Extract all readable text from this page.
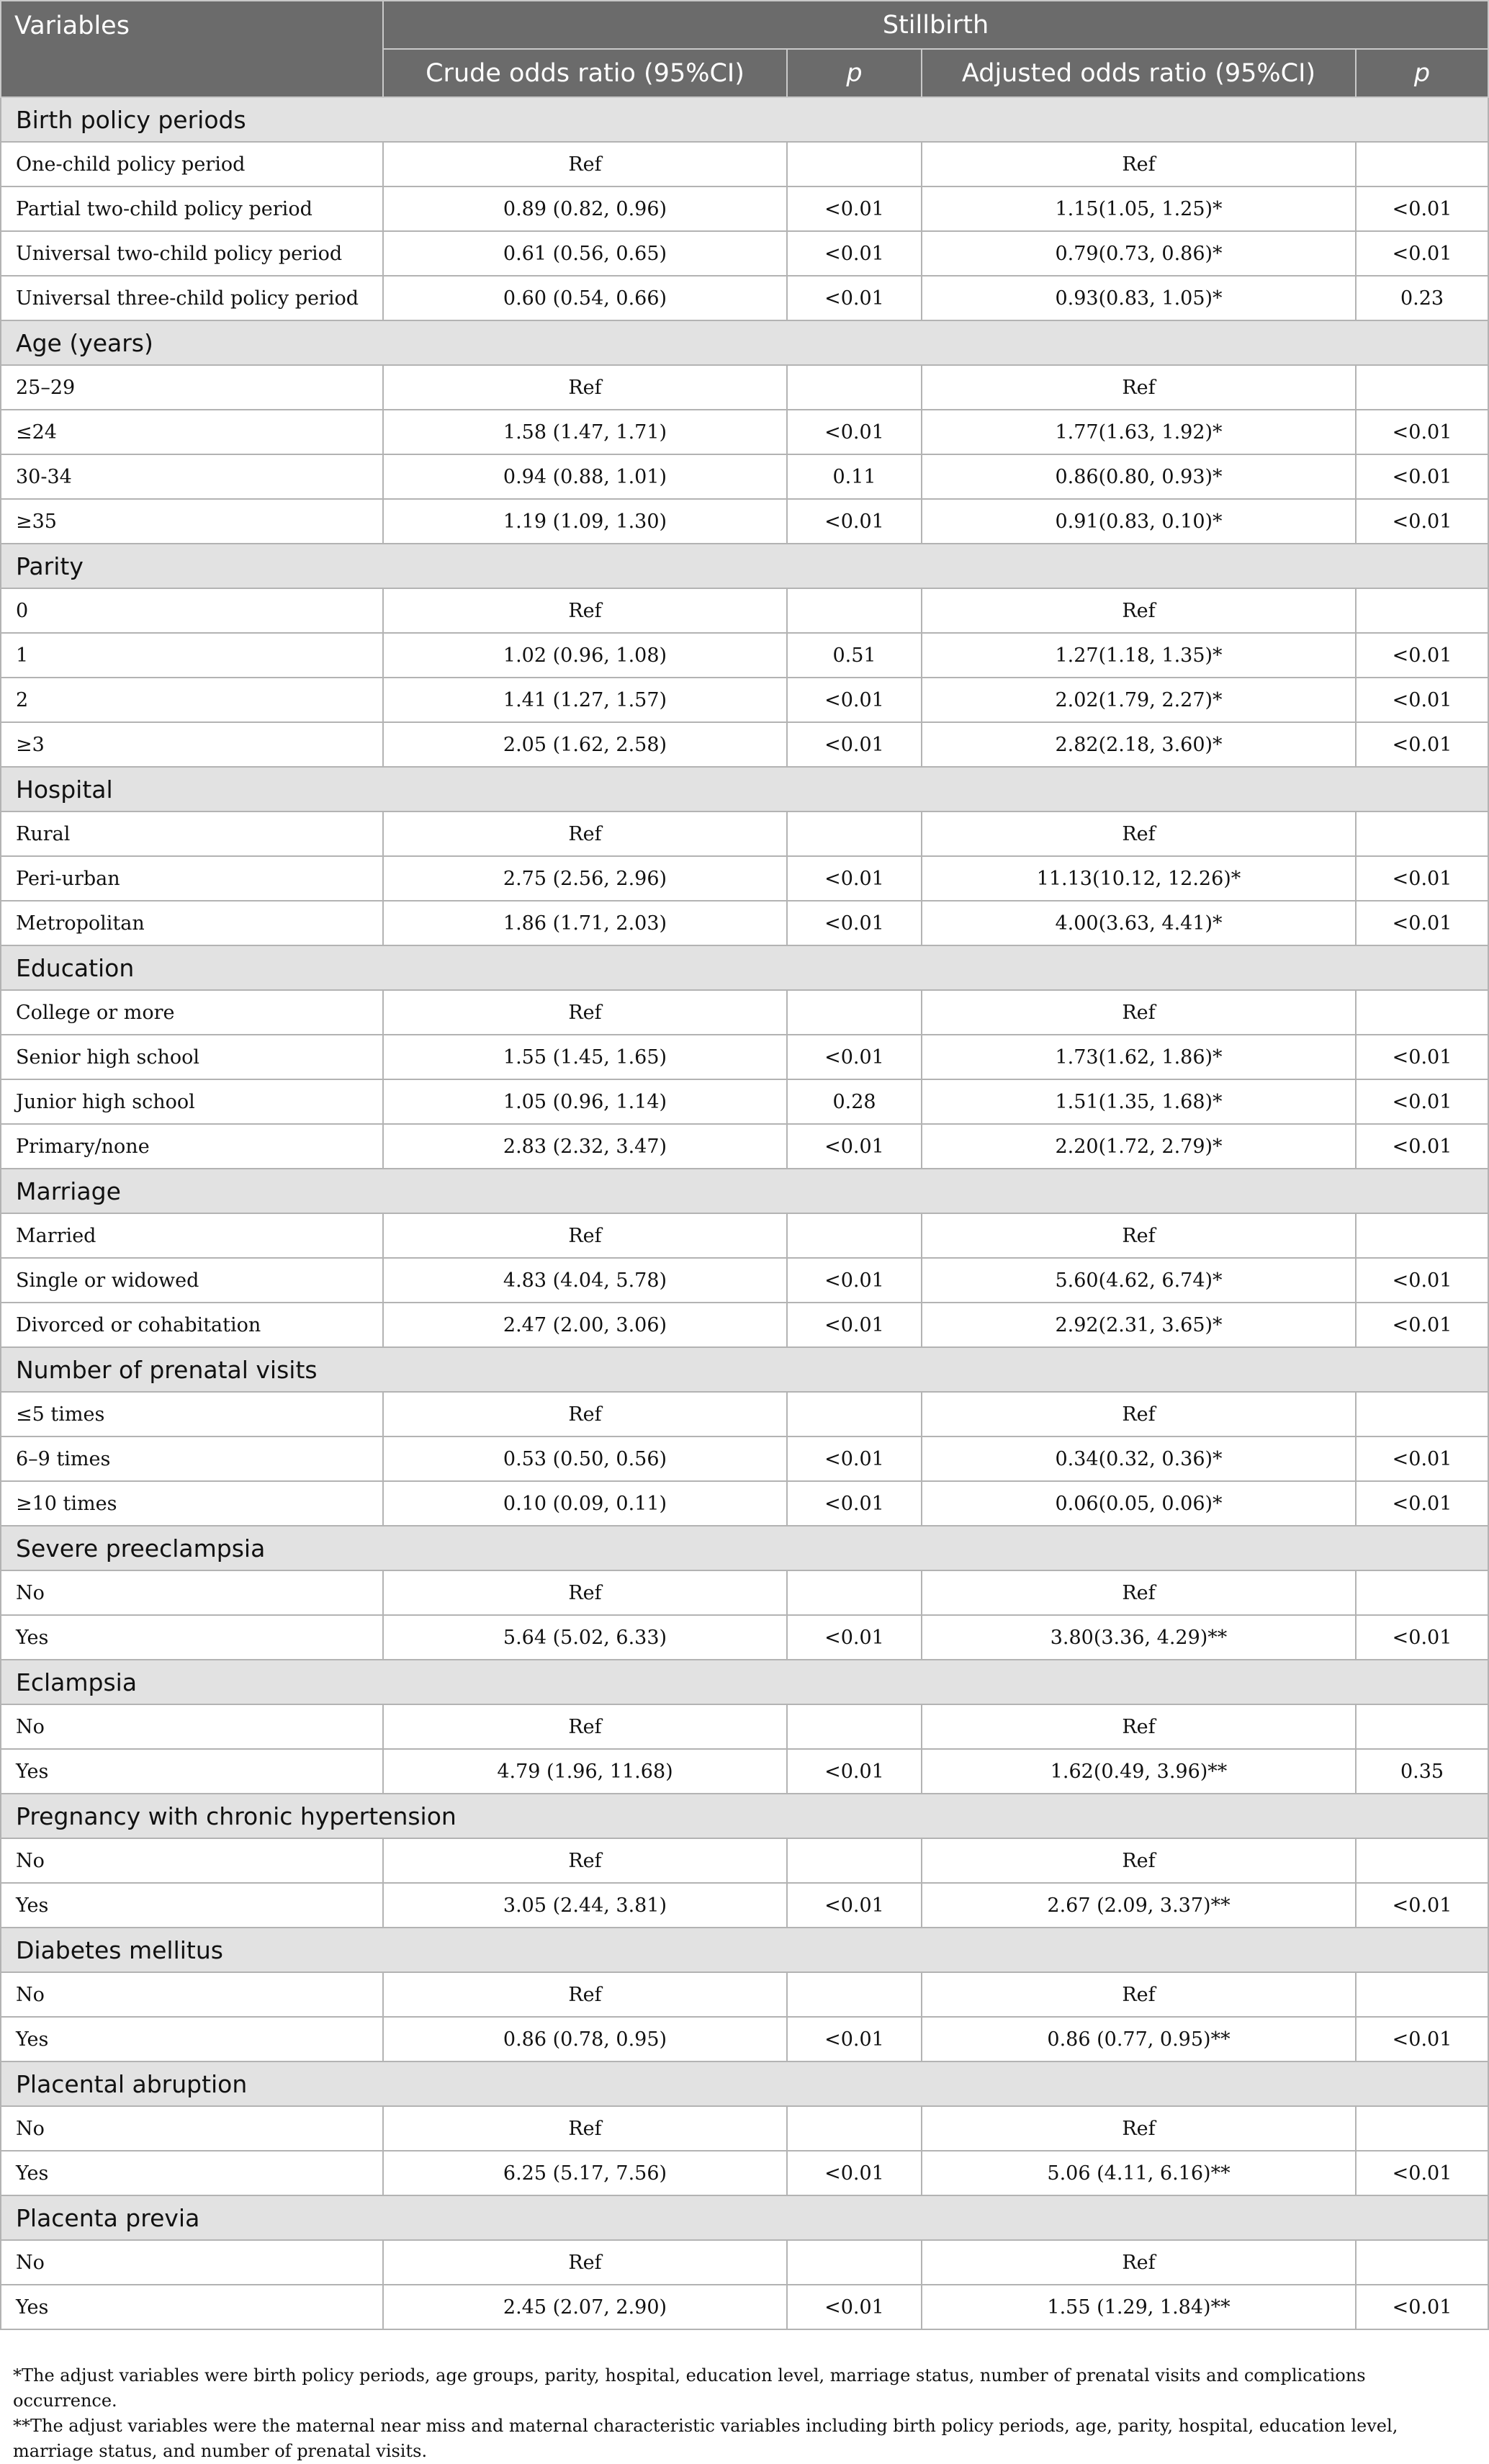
Variables	Stillbirth			
	Crude odds ratio (95%CI)	p	Adjusted odds ratio (95%CI)	p
Birth policy periods				
One-child policy period	Ref		Ref	
Partial two-child policy period	0.89 (0.82, 0.96)	<0.01	1.15(1.05, 1.25)*	<0.01
Universal two-child policy period	0.61 (0.56, 0.65)	<0.01	0.79(0.73, 0.86)*	<0.01
Universal three-child policy period	0.60 (0.54, 0.66)	<0.01	0.93(0.83, 1.05)*	0.23
Age (years)				
25–29	Ref		Ref	
≤24	1.58 (1.47, 1.71)	<0.01	1.77(1.63, 1.92)*	<0.01
30-34	0.94 (0.88, 1.01)	0.11	0.86(0.80, 0.93)*	<0.01
≥35	1.19 (1.09, 1.30)	<0.01	0.91(0.83, 0.10)*	<0.01
Parity				
0	Ref		Ref	
1	1.02 (0.96, 1.08)	0.51	1.27(1.18, 1.35)*	<0.01
2	1.41 (1.27, 1.57)	<0.01	2.02(1.79, 2.27)*	<0.01
≥3	2.05 (1.62, 2.58)	<0.01	2.82(2.18, 3.60)*	<0.01
Hospital				
Rural	Ref		Ref	
Peri-urban	2.75 (2.56, 2.96)	<0.01	11.13(10.12, 12.26)*	<0.01
Metropolitan	1.86 (1.71, 2.03)	<0.01	4.00(3.63, 4.41)*	<0.01
Education				
College or more	Ref		Ref	
Senior high school	1.55 (1.45, 1.65)	<0.01	1.73(1.62, 1.86)*	<0.01
Junior high school	1.05 (0.96, 1.14)	0.28	1.51(1.35, 1.68)*	<0.01
Primary/none	2.83 (2.32, 3.47)	<0.01	2.20(1.72, 2.79)*	<0.01
Marriage				
Married	Ref		Ref	
Single or widowed	4.83 (4.04, 5.78)	<0.01	5.60(4.62, 6.74)*	<0.01
Divorced or cohabitation	2.47 (2.00, 3.06)	<0.01	2.92(2.31, 3.65)*	<0.01
Number of prenatal visits				
≤5 times	Ref		Ref	
6–9 times	0.53 (0.50, 0.56)	<0.01	0.34(0.32, 0.36)*	<0.01
≥10 times	0.10 (0.09, 0.11)	<0.01	0.06(0.05, 0.06)*	<0.01
Severe preeclampsia				
No	Ref		Ref	
Yes	5.64 (5.02, 6.33)	<0.01	3.80(3.36, 4.29)**	<0.01
Eclampsia				
No	Ref		Ref	
Yes	4.79 (1.96, 11.68)	<0.01	1.62(0.49, 3.96)**	0.35
Pregnancy with chronic hypertension				
No	Ref		Ref	
Yes	3.05 (2.44, 3.81)	<0.01	2.67 (2.09, 3.37)**	<0.01
Diabetes mellitus				
No	Ref		Ref	
Yes	0.86 (0.78, 0.95)	<0.01	0.86 (0.77, 0.95)**	<0.01
Placental abruption				
No	Ref		Ref	
Yes	6.25 (5.17, 7.56)	<0.01	5.06 (4.11, 6.16)**	<0.01
Placenta previa				
No	Ref		Ref	
Yes	2.45 (2.07, 2.90)	<0.01	1.55 (1.29, 1.84)**	<0.01

*The adjust variables were birth policy periods, age groups, parity, hospital, education level, marriage status, number of prenatal visits and complications occurrence.

**The adjust variables were the maternal near miss and maternal characteristic variables including birth policy periods, age, parity, hospital, education level, marriage status, and number of prenatal visits.
